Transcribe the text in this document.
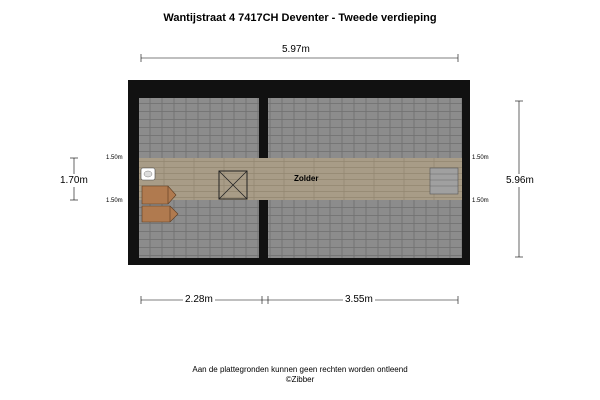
Wantijstraat 4 7417CH Deventer - Tweede verdieping
5.97m
5.96m
1.70m
2.28m	3.55m
1.50m
1.50m
1.50m
1.50m
Zolder
Aan de plattegronden kunnen geen rechten worden ontleend
©Zibber
